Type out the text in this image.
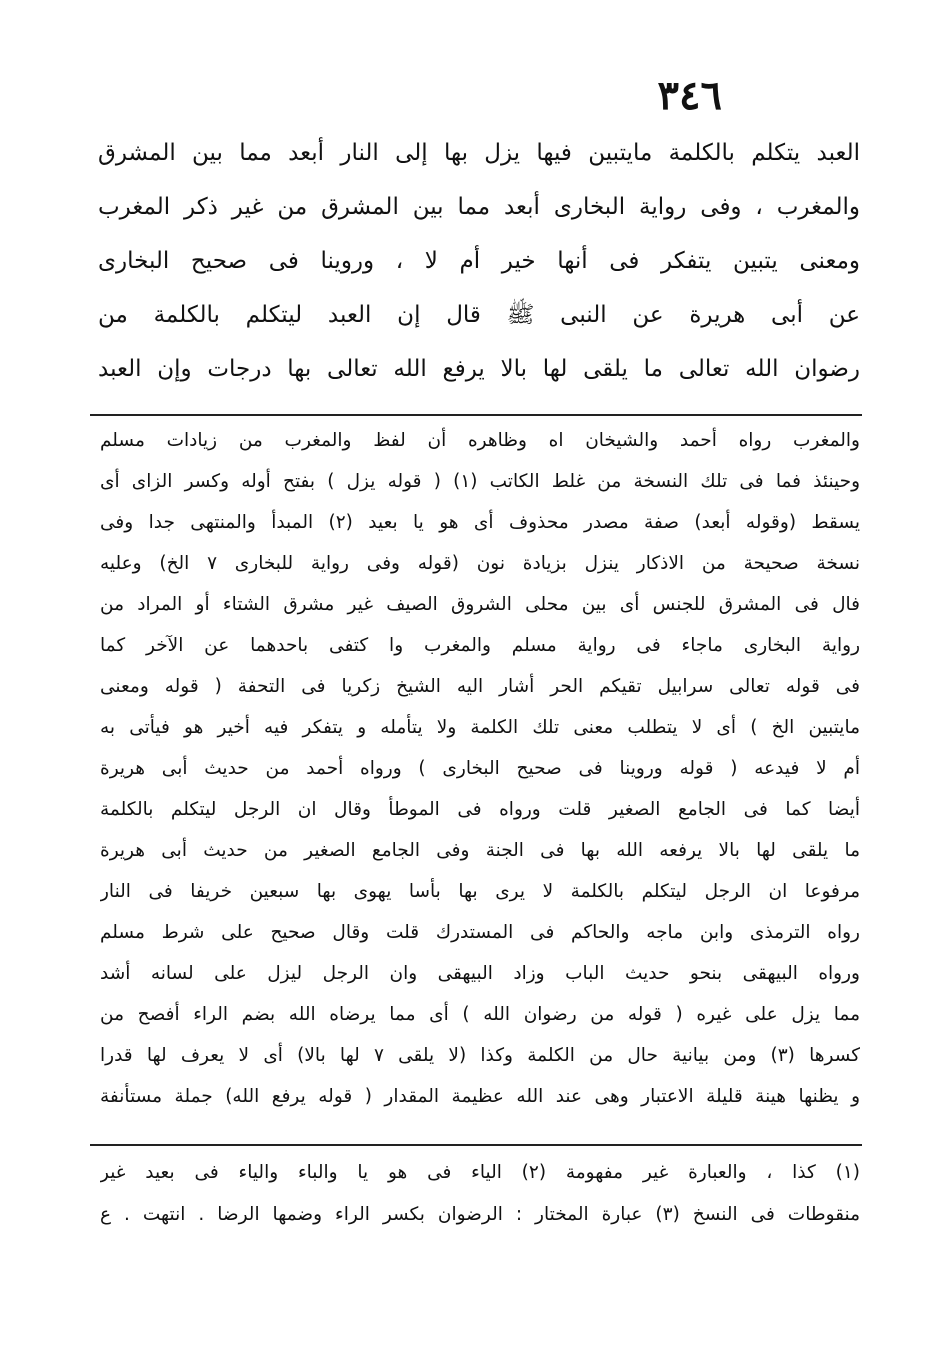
٣٤٦
العبد يتكلم بالكلمة مايتبين فيها يزل بها إلى النار أبعد مما بين المشرق
والمغرب ، وفى رواية البخارى أبعد مما بين المشرق من غير ذكر المغرب
ومعنى يتبين يتفكر فى أنها خير أم لا ، وروينا فى صحيح البخارى
عن أبى هريرة عن النبى ﷺ قال إن العبد ليتكلم بالكلمة من
رضوان الله تعالى ما يلقى لها بالا يرفع الله تعالى بها درجات وإن العبد
والمغرب رواه أحمد والشيخان اه وظاهره أن لفظ والمغرب من زيادات مسلم
وحينئذ فما فى تلك النسخة من غلط الكاتب (١) ( قوله يزل ) بفتح أوله وكسر الزاى أى
يسقط (وقوله أبعد) صفة مصدر محذوف أى هو يا بعيد (٢) المبدأ والمنتهى جدا وفى
نسخة صحيحة من الاذكار ينزل بزيادة نون (قوله وفى رواية للبخارى ٧ الخ) وعليه
فال فى المشرق للجنس أى بين محلى الشروق الصيف غير مشرق الشتاء أو المراد من
رواية البخارى ماجاء فى رواية مسلم والمغرب وا كتفى باحدهما عن الآخر كما
فى قوله تعالى سرابيل تقيكم الحر أشار اليه الشيخ زكريا فى التحفة ( قوله ومعنى
مايتبين الخ ) أى لا يتطلب معنى تلك الكلمة ولا يتأمله و يتفكر فيه أخير هو فيأتى به
أم لا فيدعه ( قوله وروينا فى صحيح البخارى ) ورواه أحمد من حديث أبى هريرة
أيضا كما فى الجامع الصغير قلت ورواه فى الموطأ وقال ان الرجل ليتكلم بالكلمة
ما يلقى لها بالا يرفعه الله بها فى الجنة وفى الجامع الصغير من حديث أبى هريرة
مرفوعا ان الرجل ليتكلم بالكلمة لا يرى بها بأسا يهوى بها سبعين خريفا فى النار
رواه الترمذى وابن ماجه والحاكم فى المستدرك قلت وقال صحيح على شرط مسلم
ورواه البيهقى بنحو حديث الباب وزاد البيهقى وان الرجل ليزل على لسانه أشد
مما يزل على غيره ( قوله من رضوان الله ) أى مما يرضاه الله بضم الراء أفصح من
كسرها (٣) ومن بيانية حال من الكلمة وكذا (لا يلقى ٧ لها بالا) أى لا يعرف لها قدرا
و يظنها هينة قليلة الاعتبار وهى عند الله عظيمة المقدار ( قوله يرفع الله) جملة مستأنفة
(١) كذا ، والعبارة غير مفهومة (٢) الياء فى هو يا والباء والياء فى بعيد غير
منقوطات فى النسخ (٣) عبارة المختار : الرضوان بكسر الراء وضمها الرضا . انتهت . ع
